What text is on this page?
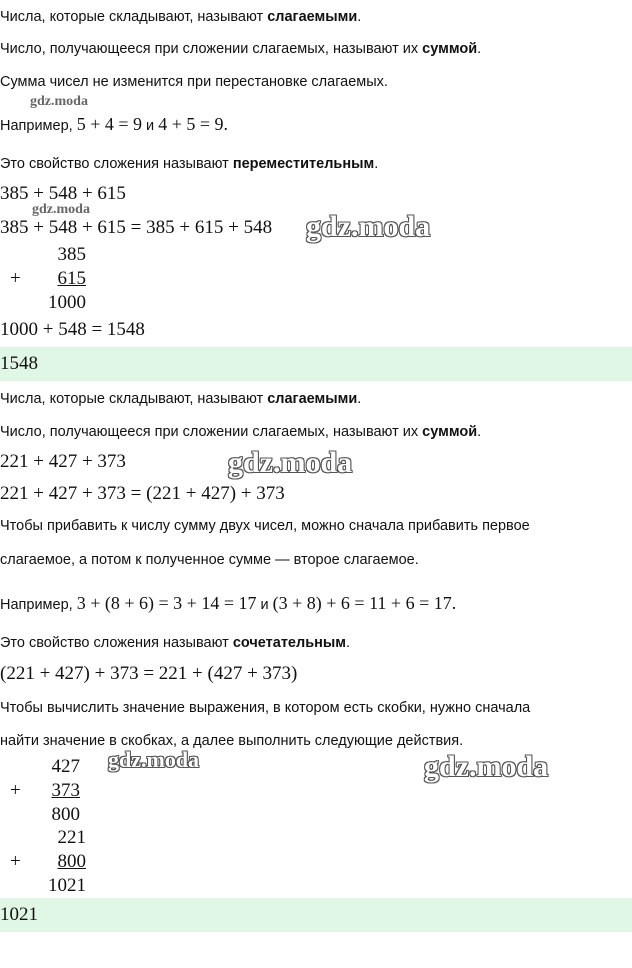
Числа, которые складывают, называют слагаемыми.
Число, получающееся при сложении слагаемых, называют их суммой.
Сумма чисел не изменится при перестановке слагаемых.
gdz.moda
Например, 5 + 4 = 9 и 4 + 5 = 9.
Это свойство сложения называют переместительным.
385 + 548 + 615
gdz.moda
385 + 548 + 615 = 385 + 615 + 548 gdz.moda
385
+	615
1000
1000 + 548 = 1548
1548
Числа, которые складывают, называют слагаемыми.
Число, получающееся при сложении слагаемых, называют их суммой.
221 + 427 + 373	gdz.moda
221 + 427 + 373 = (221 + 427) + 373
Чтобы прибавить к числу сумму двух чисел, можно сначала прибавить первое
слагаемое, а потом к полученное сумме — второе слагаемое.
Например, 3 + (8 + 6) = 3 + 14 = 17 и (3 + 8) + 6 = 11 + 6 = 17.
Это свойство сложения называют сочетательным.
(221 + 427) + 373 = 221 + (427 + 373)
Чтобы вычислить значение выражения, в котором есть скобки, нужно сначала
найти значение в скобках, а далее выполнить следующие действия.
427 gdz.moda	gdz.moda
+	373
800
221
+	800
1021
1021
